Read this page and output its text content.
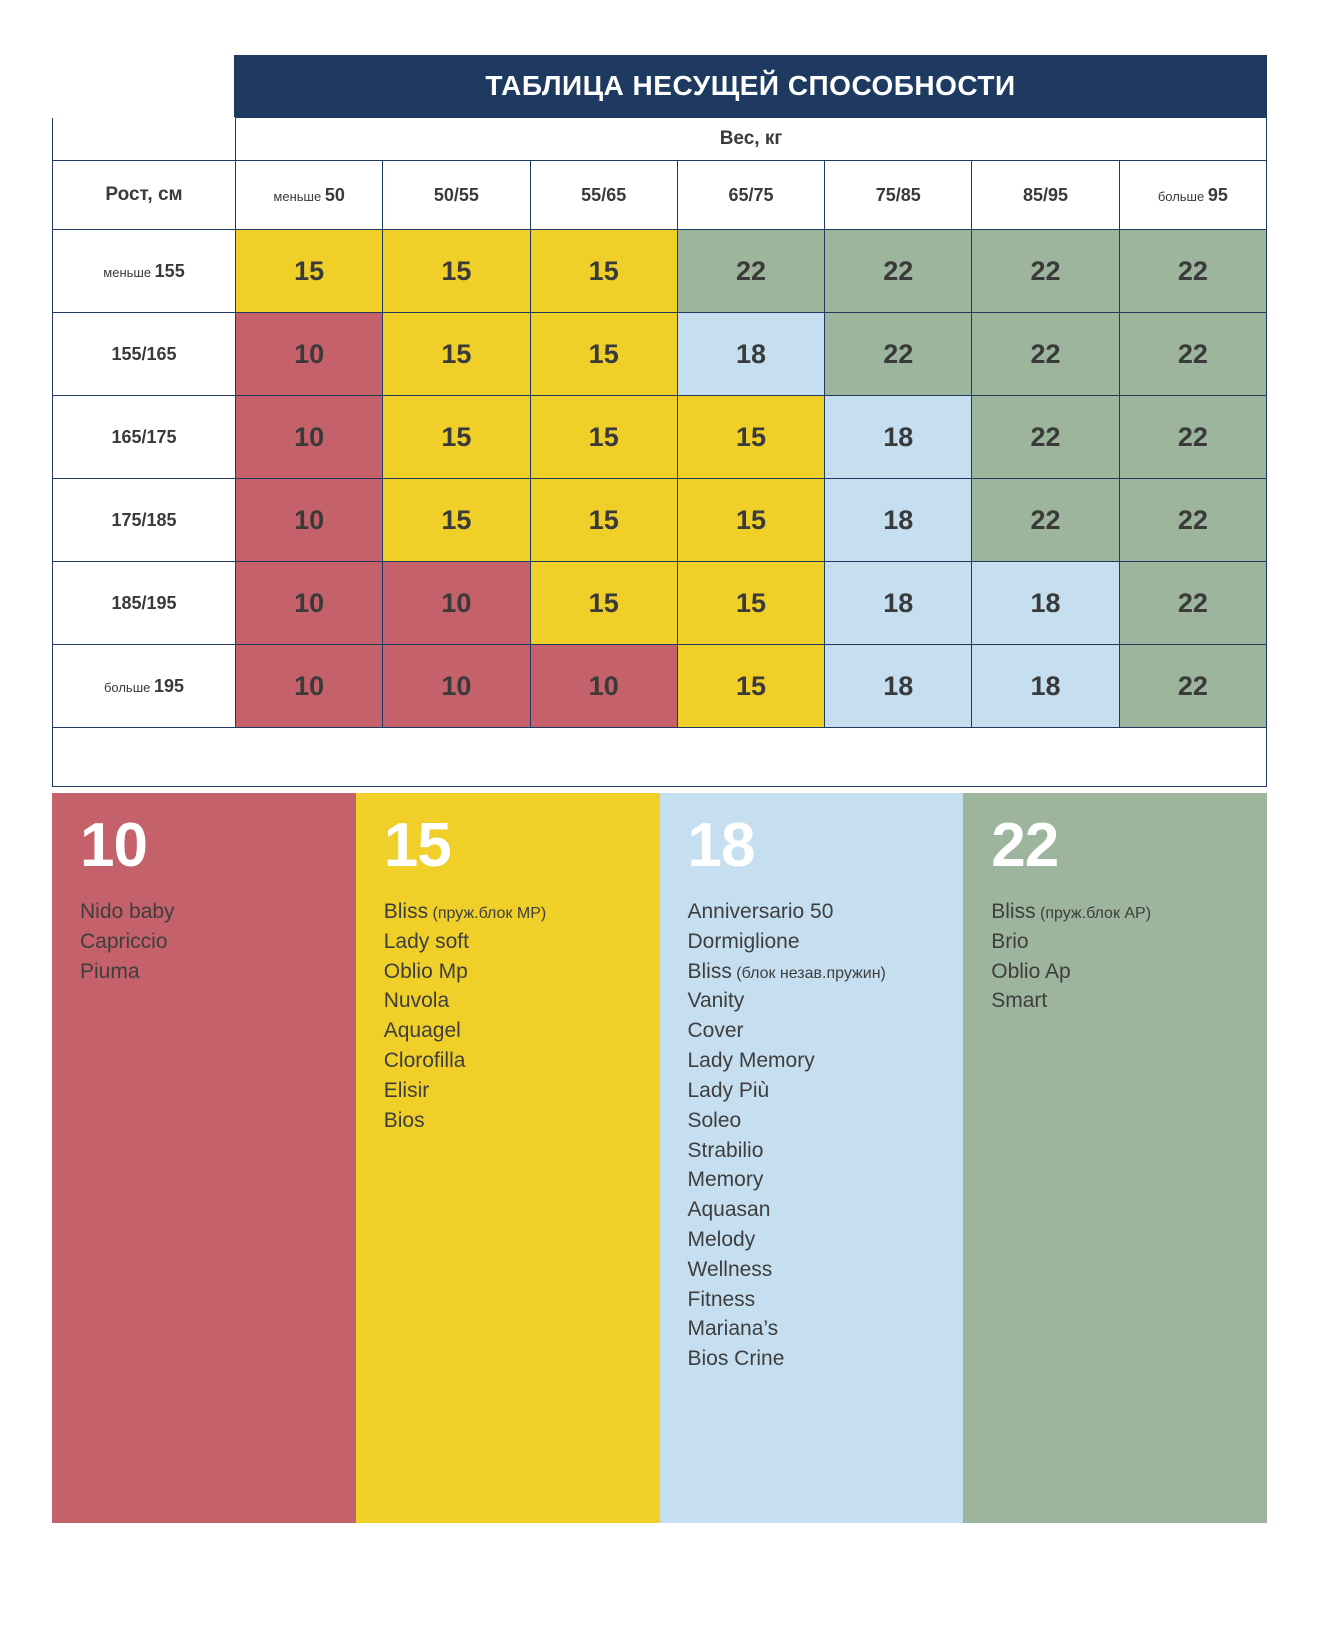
ТАБЛИЦА НЕСУЩЕЙ СПОСОБНОСТИ
	Вес, кг						
Рост, см	меньше 50	50/55	55/65	65/75	75/85	85/95	больше 95
меньше 155	15	15	15	22	22	22	22
155/165	10	15	15	18	22	22	22
165/175	10	15	15	15	18	22	22
175/185	10	15	15	15	18	22	22
185/195	10	10	15	15	18	18	22
больше 195	10	10	10	15	18	18	22

10
Nido baby
Capriccio
Piuma
15
Bliss (пруж.блок MP)
Lady soft
Oblio Mp
Nuvola
Aquagel
Clorofilla
Elisir
Bios
18
Anniversario 50
Dormiglione
Bliss (блок незав.пружин)
Vanity
Cover
Lady Memory
Lady Più
Soleo
Strabilio
Memory
Aquasan
Melody
Wellness
Fitness
Mariana’s
Bios Crine
22
Bliss (пруж.блок AP)
Brio
Oblio Ap
Smart
